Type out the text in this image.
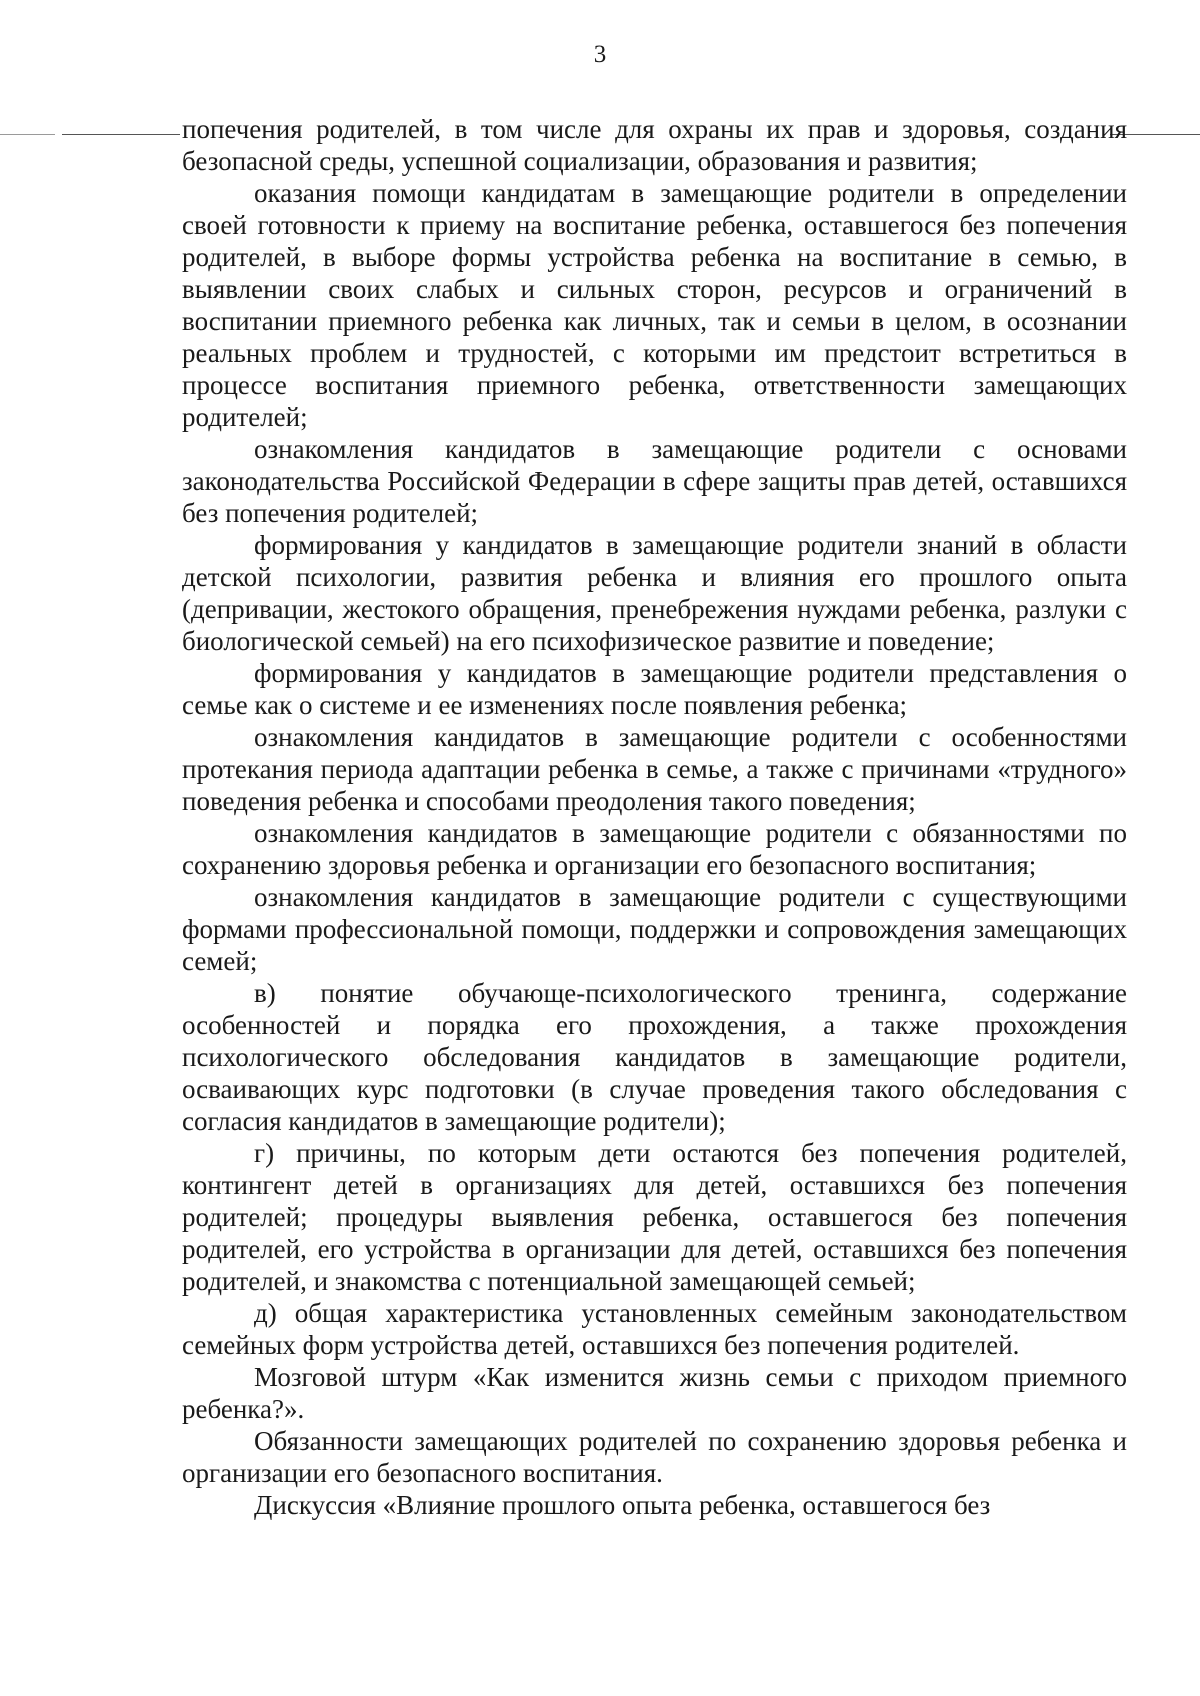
3

попечения родителей, в том числе для охраны их прав и здоровья, создания безопасной среды, успешной социализации, образования и развития;

оказания помощи кандидатам в замещающие родители в определении своей готовности к приему на воспитание ребенка, оставшегося без попечения родителей, в выборе формы устройства ребенка на воспитание в семью, в выявлении своих слабых и сильных сторон, ресурсов и ограничений в воспитании приемного ребенка как личных, так и семьи в целом, в осознании реальных проблем и трудностей, с которыми им предстоит встретиться в процессе воспитания приемного ребенка, ответственности замещающих родителей;

ознакомления кандидатов в замещающие родители с основами законодательства Российской Федерации в сфере защиты прав детей, оставшихся без попечения родителей;

формирования у кандидатов в замещающие родители знаний в области детской психологии, развития ребенка и влияния его прошлого опыта (депривации, жестокого обращения, пренебрежения нуждами ребенка, разлуки с биологической семьей) на его психофизическое развитие и поведение;

формирования у кандидатов в замещающие родители представления о семье как о системе и ее изменениях после появления ребенка;

ознакомления кандидатов в замещающие родители с особенностями протекания периода адаптации ребенка в семье, а также с причинами «трудного» поведения ребенка и способами преодоления такого поведения;

ознакомления кандидатов в замещающие родители с обязанностями по сохранению здоровья ребенка и организации его безопасного воспитания;

ознакомления кандидатов в замещающие родители с существующими формами профессиональной помощи, поддержки и сопровождения замещающих семей;

в) понятие обучающе-психологического тренинга, содержание особенностей и порядка его прохождения, а также прохождения психологического обследования кандидатов в замещающие родители, осваивающих курс подготовки (в случае проведения такого обследования с согласия кандидатов в замещающие родители);

г) причины, по которым дети остаются без попечения родителей, контингент детей в организациях для детей, оставшихся без попечения родителей; процедуры выявления ребенка, оставшегося без попечения родителей, его устройства в организации для детей, оставшихся без попечения родителей, и знакомства с потенциальной замещающей семьей;

д) общая характеристика установленных семейным законодательством семейных форм устройства детей, оставшихся без попечения родителей.

Мозговой штурм «Как изменится жизнь семьи с приходом приемного ребенка?».

Обязанности замещающих родителей по сохранению здоровья ребенка и организации его безопасного воспитания.

Дискуссия «Влияние прошлого опыта ребенка, оставшегося без
